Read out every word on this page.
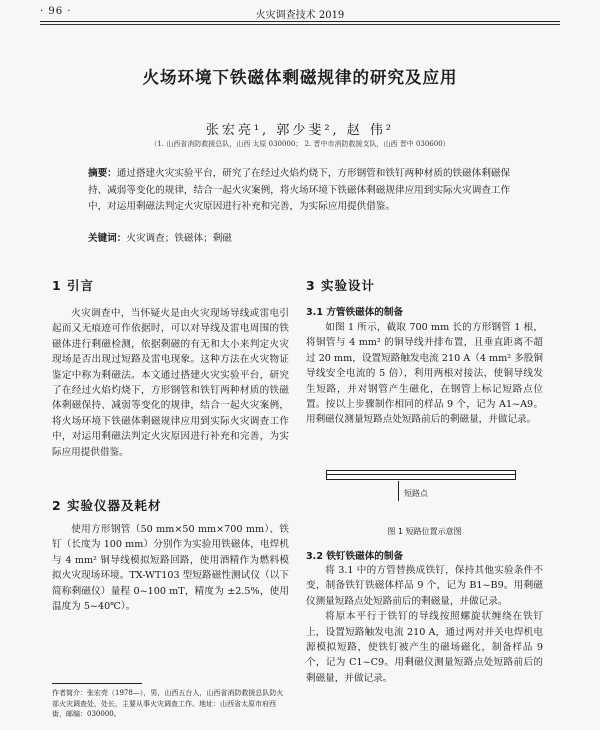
· 96 ·	火灾调查技术 2019
火场环境下铁磁体剩磁规律的研究及应用
张宏亮¹, 郭少斐², 赵 伟²
（1. 山西省消防救援总队，山西 太原 030000； 2. 晋中市消防救援支队，山西 晋中 030600）
摘要：通过搭建火灾实验平台，研究了在经过火焰灼烧下，方形钢管和铁钉两种材质的铁磁体剩磁保持、减弱等变化的规律，结合一起火灾案例，将火场环境下铁磁体剩磁规律应用到实际火灾调查工作中，对运用剩磁法判定火灾原因进行补充和完善，为实际应用提供借鉴。
关键词：火灾调查；铁磁体；剩磁
1 引言

火灾调查中，当怀疑火是由火灾现场导线或雷电引起而又无痕迹可作依据时，可以对导线及雷电周围的铁磁体进行剩磁检测，依据剩磁的有无和大小来判定火灾现场是否出现过短路及雷电现象。这种方法在火灾物证鉴定中称为剩磁法。本文通过搭建火灾实验平台，研究了在经过火焰灼烧下，方形钢管和铁钉两种材质的铁磁体剩磁保持、减弱等变化的规律，结合一起火灾案例，将火场环境下铁磁体剩磁规律应用到实际火灾调查工作中，对运用剩磁法判定火灾原因进行补充和完善，为实际应用提供借鉴。

2 实验仪器及耗材

使用方形钢管（50 mm×50 mm×700 mm）、铁钉（长度为 100 mm）分别作为实验用铁磁体，电焊机与 4 mm² 铜导线模拟短路回路，使用酒精作为燃料模拟火灾现场环境。TX-WT103 型短路磁性测试仪（以下简称剩磁仪）量程 0~100 mT，精度为 ±2.5%，使用温度为 5~40℃）。

3 实验设计
3.1 方管铁磁体的制备

如图 1 所示，截取 700 mm 长的方形钢管 1 根，将铜管与 4 mm² 的铜导线并排布置，且垂直距离不超过 20 mm，设置短路触发电流 210 A（4 mm² 多股铜导线安全电流的 5 倍），利用两根对接法，使铜导线发生短路，并对钢管产生磁化，在钢管上标记短路点位置。按以上步骤制作相同的样品 9 个，记为 A1~A9。用剩磁仪测量短路点处短路前后的剩磁量，并做记录。

短路点
图 1 短路位置示意图
3.2 铁钉铁磁体的制备

将 3.1 中的方管替换成铁钉，保持其他实验条件不变，制备铁钉铁磁体样品 9 个，记为 B1~B9。用剩磁仪测量短路点处短路前后的剩磁量，并做记录。

将原本平行于铁钉的导线按照螺旋状缠绕在铁钉上，设置短路触发电流 210 A，通过两对并关电焊机电源模拟短路，使铁钉被产生的磁场磁化，制备样品 9 个，记为 C1~C9。用剩磁仪测量短路点处短路前后的剩磁量，并做记录。

作者简介：张宏亮（1978—），男，山西五台人，山西省消防救援总队防火部火灾调查处，处长，主要从事火灾调查工作。地址：山西省太原市府西街，邮编：030000。
